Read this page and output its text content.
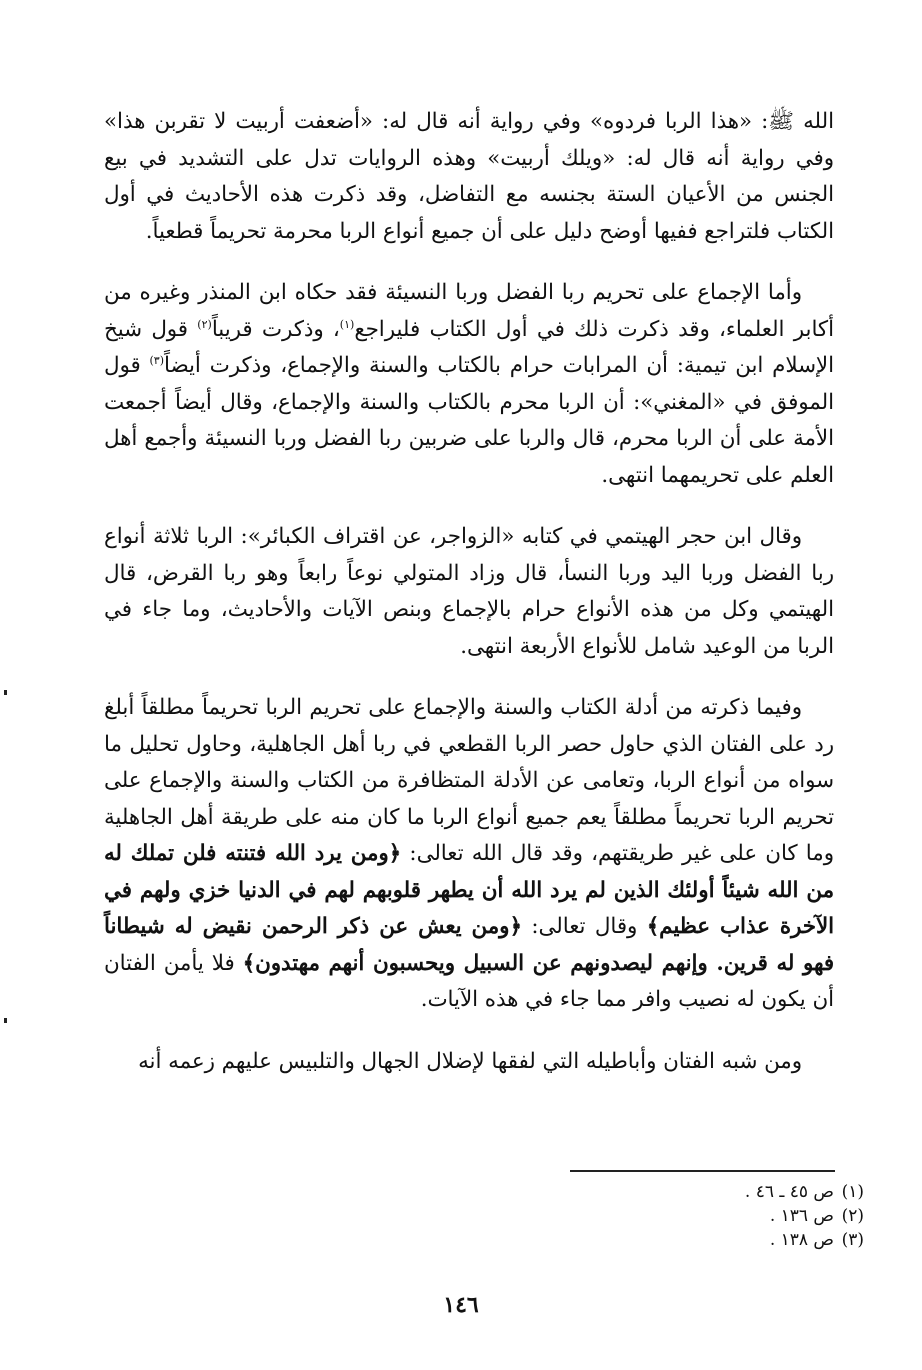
الله ﷺ: «هذا الربا فردوه» وفي رواية أنه قال له: «أضعفت أربيت لا تقربن هذا» وفي رواية أنه قال له: «ويلك أربيت» وهذه الروايات تدل على التشديد في بيع الجنس من الأعيان الستة بجنسه مع التفاضل، وقد ذكرت هذه الأحاديث في أول الكتاب فلتراجع ففيها أوضح دليل على أن جميع أنواع الربا محرمة تحريماً قطعياً.

وأما الإجماع على تحريم ربا الفضل وربا النسيئة فقد حكاه ابن المنذر وغيره من أكابر العلماء، وقد ذكرت ذلك في أول الكتاب فليراجع$^{(١)}$، وذكرت قريباً$^{(٢)}$ قول شيخ الإسلام ابن تيمية: أن المرابات حرام بالكتاب والسنة والإجماع، وذكرت أيضاً$^{(٣)}$ قول الموفق في «المغني»: أن الربا محرم بالكتاب والسنة والإجماع، وقال أيضاً أجمعت الأمة على أن الربا محرم، قال والربا على ضربين ربا الفضل وربا النسيئة وأجمع أهل العلم على تحريمهما انتهى.

وقال ابن حجر الهيتمي في كتابه «الزواجر، عن اقتراف الكبائر»: الربا ثلاثة أنواع ربا الفضل وربا اليد وربا النسأ، قال وزاد المتولي نوعاً رابعاً وهو ربا القرض، قال الهيتمي وكل من هذه الأنواع حرام بالإجماع وبنص الآيات والأحاديث، وما جاء في الربا من الوعيد شامل للأنواع الأربعة انتهى.

وفيما ذكرته من أدلة الكتاب والسنة والإجماع على تحريم الربا تحريماً مطلقاً أبلغ رد على الفتان الذي حاول حصر الربا القطعي في ربا أهل الجاهلية، وحاول تحليل ما سواه من أنواع الربا، وتعامى عن الأدلة المتظافرة من الكتاب والسنة والإجماع على تحريم الربا تحريماً مطلقاً يعم جميع أنواع الربا ما كان منه على طريقة أهل الجاهلية وما كان على غير طريقتهم، وقد قال الله تعالى: ﴿ومن يرد الله فتنته فلن تملك له من الله شيئاً أولئك الذين لم يرد الله أن يطهر قلوبهم لهم في الدنيا خزي ولهم في الآخرة عذاب عظيم﴾ وقال تعالى: ﴿ومن يعش عن ذكر الرحمن نقيض له شيطاناً فهو له قرين. وإنهم ليصدونهم عن السبيل ويحسبون أنهم مهتدون﴾ فلا يأمن الفتان أن يكون له نصيب وافر مما جاء في هذه الآيات.

ومن شبه الفتان وأباطيله التي لفقها لإضلال الجهال والتلبيس عليهم زعمه أنه

(١)ص ٤٥ ـ ٤٦ .
(٢)ص ١٣٦ .
(٣)ص ١٣٨ .
١٤٦
